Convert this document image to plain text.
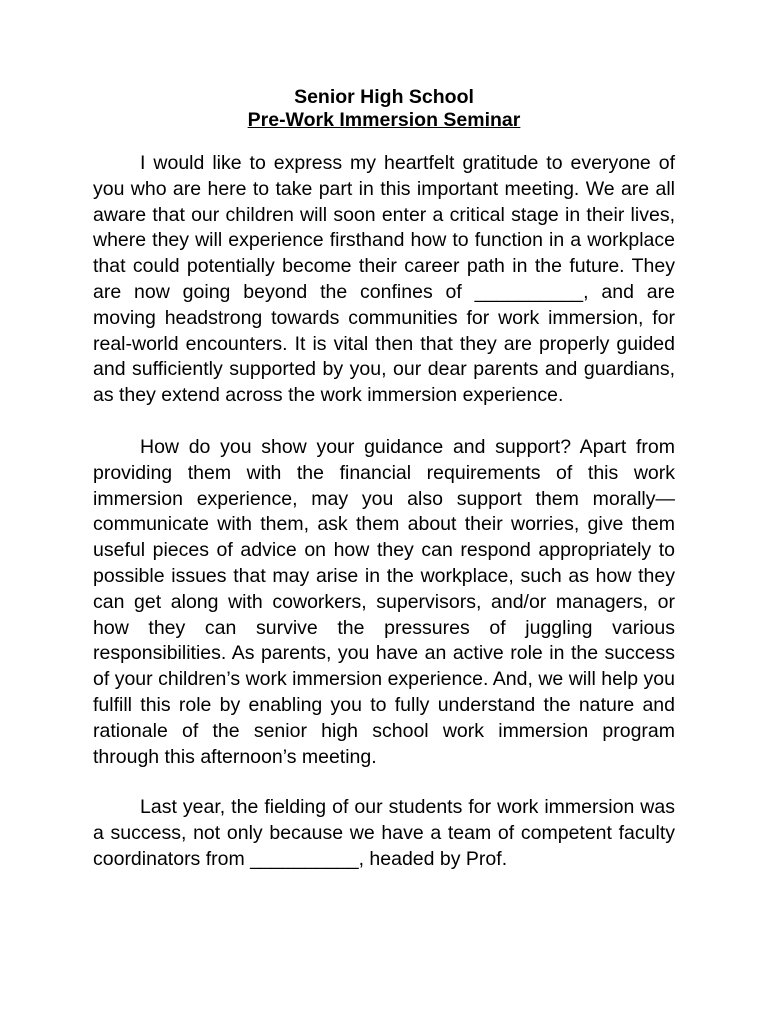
Senior High School

Pre-Work Immersion Seminar

I would like to express my heartfelt gratitude to everyone of you who are here to take part in this important meeting. We are all aware that our children will soon enter a critical stage in their lives, where they will experience firsthand how to function in a workplace that could potentially become their career path in the future. They are now going beyond the confines of __________, and are moving headstrong towards communities for work immersion, for real-world encounters. It is vital then that they are properly guided and sufficiently supported by you, our dear parents and guardians, as they extend across the work immersion experience.

How do you show your guidance and support? Apart from providing them with the financial requirements of this work immersion experience, may you also support them morally—communicate with them, ask them about their worries, give them useful pieces of advice on how they can respond appropriately to possible issues that may arise in the workplace, such as how they can get along with coworkers, supervisors, and/or managers, or how they can survive the pressures of juggling various responsibilities. As parents, you have an active role in the success of your children’s work immersion experience. And, we will help you fulfill this role by enabling you to fully understand the nature and rationale of the senior high school work immersion program through this afternoon’s meeting.

Last year, the fielding of our students for work immersion was a success, not only because we have a team of competent faculty coordinators from __________, headed by Prof.
